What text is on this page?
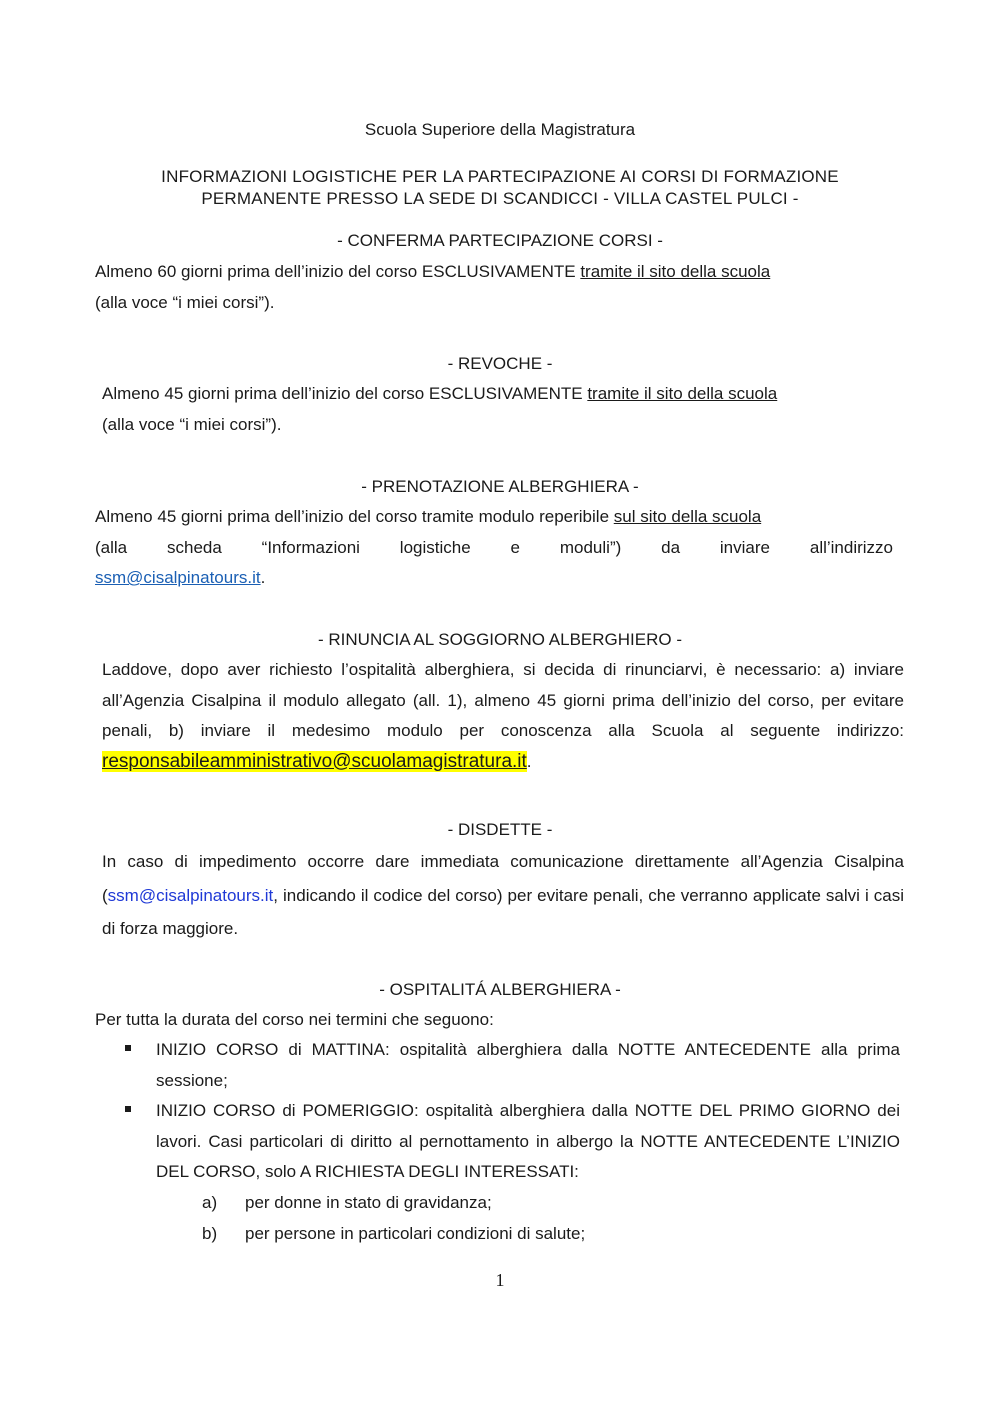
Scuola Superiore della Magistratura
INFORMAZIONI LOGISTICHE PER LA PARTECIPAZIONE AI CORSI DI FORMAZIONE
PERMANENTE PRESSO LA SEDE DI SCANDICCI - VILLA CASTEL PULCI -
- CONFERMA PARTECIPAZIONE CORSI -
Almeno 60 giorni prima dell’inizio del corso ESCLUSIVAMENTE tramite il sito della scuola
(alla voce “i miei corsi”).
- REVOCHE -
Almeno 45 giorni prima dell’inizio del corso ESCLUSIVAMENTE tramite il sito della scuola
(alla voce “i miei corsi”).
- PRENOTAZIONE ALBERGHIERA -
Almeno 45 giorni prima dell’inizio del corso tramite modulo reperibile sul sito della scuola
(alla scheda “Informazioni logistiche e moduli”) da inviare all’indirizzo
ssm@cisalpinatours.it.
- RINUNCIA AL SOGGIORNO ALBERGHIERO -
Laddove, dopo aver richiesto l’ospitalità alberghiera, si decida di rinunciarvi, è necessario: a) inviare all’Agenzia Cisalpina il modulo allegato (all. 1), almeno 45 giorni prima dell’inizio del corso, per evitare penali, b) inviare il medesimo modulo per conoscenza alla Scuola al seguente indirizzo: responsabileamministrativo@scuolamagistratura.it.
- DISDETTE -
In caso di impedimento occorre dare immediata comunicazione direttamente all’Agenzia Cisalpina (ssm@cisalpinatours.it, indicando il codice del corso) per evitare penali, che verranno applicate salvi i casi di forza maggiore.
- OSPITALITÁ ALBERGHIERA -
Per tutta la durata del corso nei termini che seguono:
INIZIO CORSO di MATTINA: ospitalità alberghiera dalla NOTTE ANTECEDENTE alla prima sessione;
INIZIO CORSO di POMERIGGIO: ospitalità alberghiera dalla NOTTE DEL PRIMO GIORNO dei lavori. Casi particolari di diritto al pernottamento in albergo la NOTTE ANTECEDENTE L’INIZIO DEL CORSO, solo A RICHIESTA DEGLI INTERESSATI:
a) per donne in stato di gravidanza;
b) per persone in particolari condizioni di salute;
1
